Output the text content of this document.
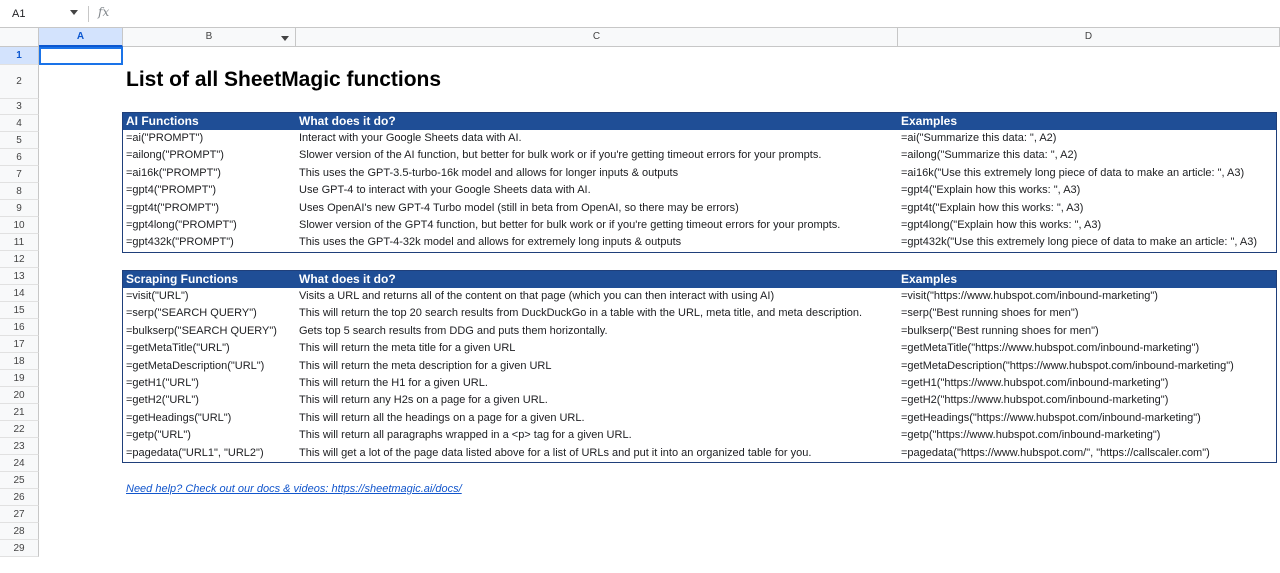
A1	fx
A	B	C	D
1
2
3
4
5
6
7
8
9
10
11
12
13
14
15
16
17
18
19
20
21
22
23
24
25
26
27
28
29
List of all SheetMagic functions
AI Functions	What does it do?	Examples
=ai("PROMPT")	Interact with your Google Sheets data with AI.	=ai("Summarize this data: ", A2)
=ailong("PROMPT")	Slower version of the AI function, but better for bulk work or if you're getting timeout errors for your prompts.	=ailong("Summarize this data: ", A2)
=ai16k("PROMPT")	This uses the GPT-3.5-turbo-16k model and allows for longer inputs & outputs	=ai16k("Use this extremely long piece of data to make an article: ", A3)
=gpt4("PROMPT")	Use GPT-4 to interact with your Google Sheets data with AI.	=gpt4("Explain how this works: ", A3)
=gpt4t("PROMPT")	Uses OpenAI's new GPT-4 Turbo model (still in beta from OpenAI, so there may be errors)	=gpt4t("Explain how this works: ", A3)
=gpt4long("PROMPT")	Slower version of the GPT4 function, but better for bulk work or if you're getting timeout errors for your prompts.	=gpt4long("Explain how this works: ", A3)
=gpt432k("PROMPT")	This uses the GPT-4-32k model and allows for extremely long inputs & outputs	=gpt432k("Use this extremely long piece of data to make an article: ", A3)
Scraping Functions	What does it do?	Examples
=visit("URL")	Visits a URL and returns all of the content on that page (which you can then interact with using AI)	=visit("https://www.hubspot.com/inbound-marketing")
=serp("SEARCH QUERY")	This will return the top 20 search results from DuckDuckGo in a table with the URL, meta title, and meta description.	=serp("Best running shoes for men")
=bulkserp("SEARCH QUERY") Gets top 5 search results from DDG and puts them horizontally.	=bulkserp("Best running shoes for men")
=getMetaTitle("URL")	This will return the meta title for a given URL	=getMetaTitle("https://www.hubspot.com/inbound-marketing")
=getMetaDescription("URL")	This will return the meta description for a given URL	=getMetaDescription("https://www.hubspot.com/inbound-marketing")
=getH1("URL")	This will return the H1 for a given URL.	=getH1("https://www.hubspot.com/inbound-marketing")
=getH2("URL")	This will return any H2s on a page for a given URL.	=getH2("https://www.hubspot.com/inbound-marketing")
=getHeadings("URL")	This will return all the headings on a page for a given URL.	=getHeadings("https://www.hubspot.com/inbound-marketing")
=getp("URL")	This will return all paragraphs wrapped in a <p> tag for a given URL.	=getp("https://www.hubspot.com/inbound-marketing")
=pagedata("URL1", "URL2")	This will get a lot of the page data listed above for a list of URLs and put it into an organized table for you.	=pagedata("https://www.hubspot.com/", "https://callscaler.com")
Need help? Check out our docs & videos: https://sheetmagic.ai/docs/
